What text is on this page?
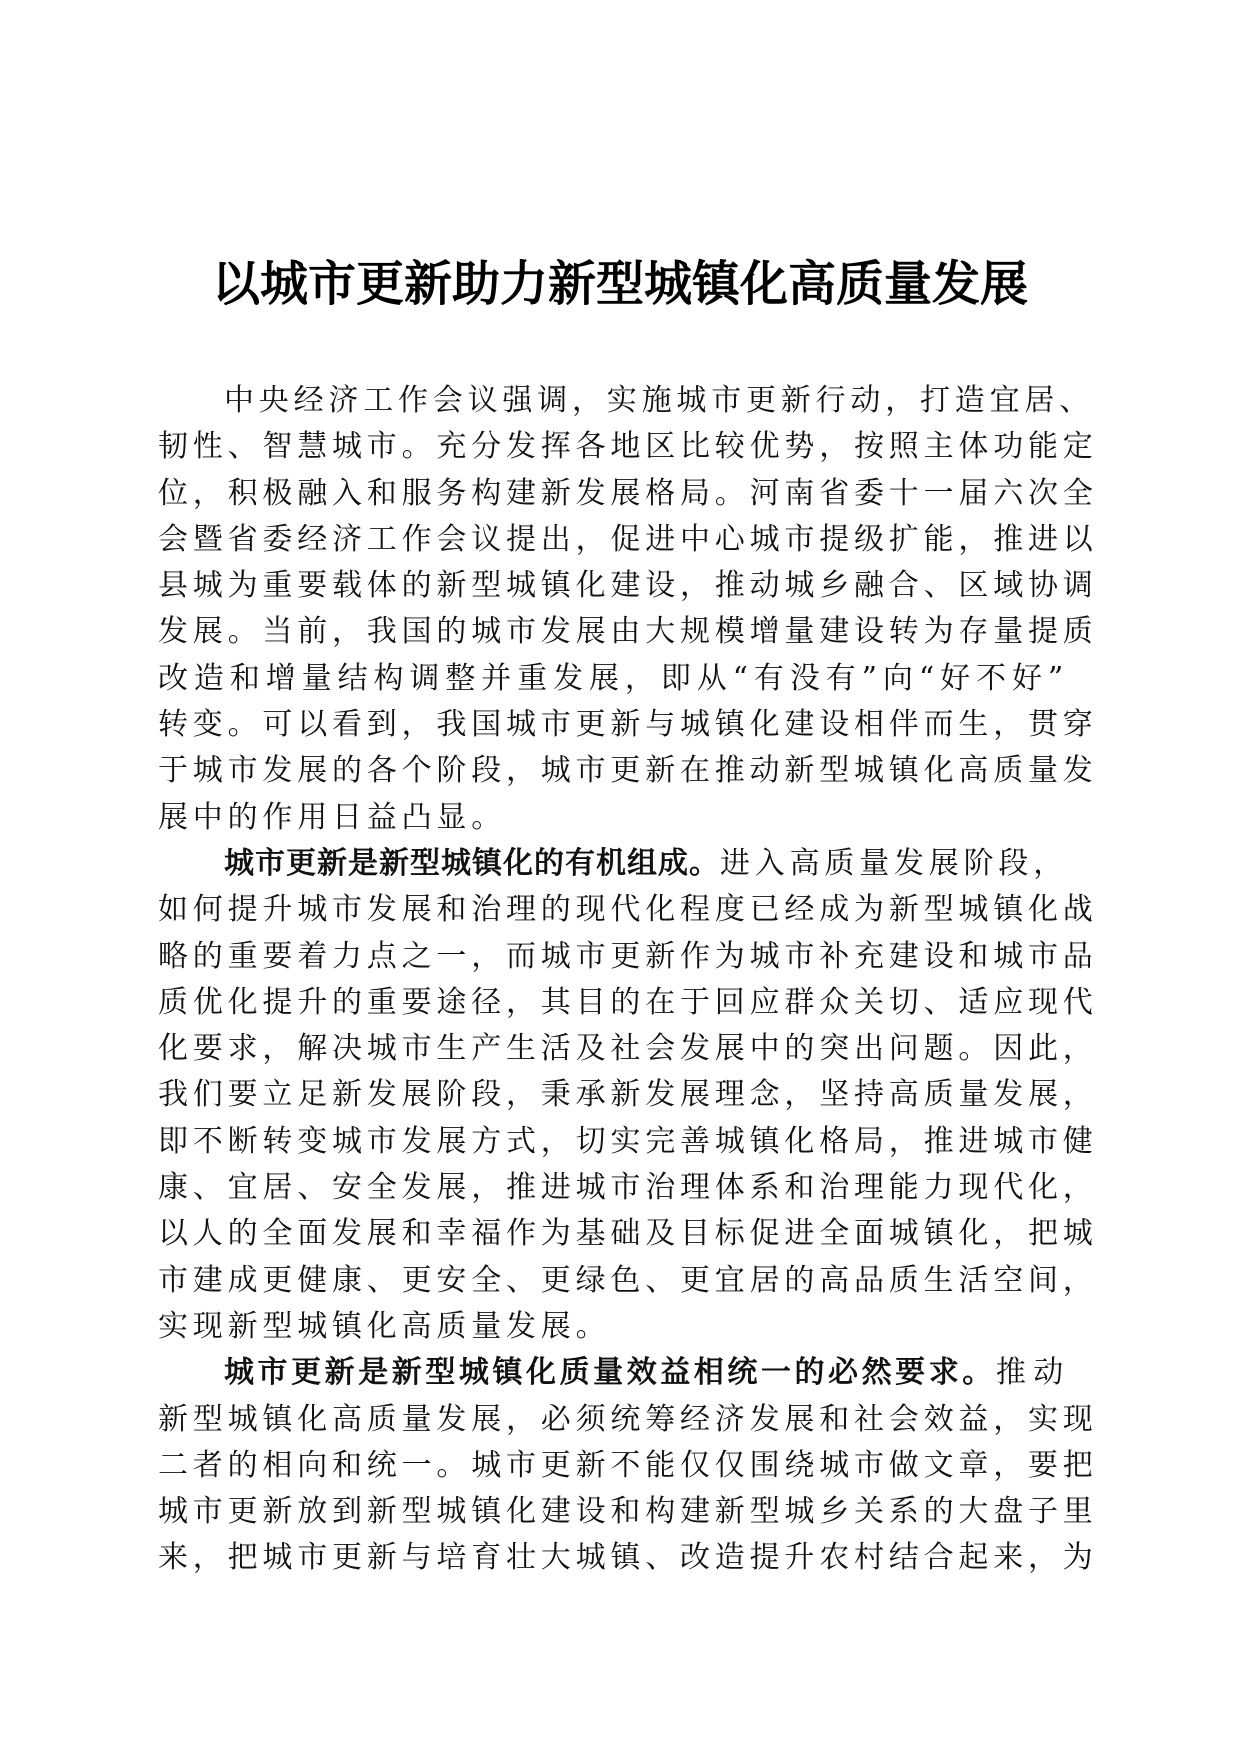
以城市更新助力新型城镇化高质量发展

中央经济工作会议强调，实施城市更新行动，打造宜居、
韧性、智慧城市。充分发挥各地区比较优势，按照主体功能定
位，积极融入和服务构建新发展格局。河南省委十一届六次全
会暨省委经济工作会议提出，促进中心城市提级扩能，推进以
县城为重要载体的新型城镇化建设，推动城乡融合、区域协调
发展。当前，我国的城市发展由大规模增量建设转为存量提质
改造和增量结构调整并重发展，即从“有没有”向“好不好”
转变。可以看到，我国城市更新与城镇化建设相伴而生，贯穿
于城市发展的各个阶段，城市更新在推动新型城镇化高质量发
展中的作用日益凸显。

城市更新是新型城镇化的有机组成。进入高质量发展阶段，
如何提升城市发展和治理的现代化程度已经成为新型城镇化战
略的重要着力点之一，而城市更新作为城市补充建设和城市品
质优化提升的重要途径，其目的在于回应群众关切、适应现代
化要求，解决城市生产生活及社会发展中的突出问题。因此，
我们要立足新发展阶段，秉承新发展理念，坚持高质量发展，
即不断转变城市发展方式，切实完善城镇化格局，推进城市健
康、宜居、安全发展，推进城市治理体系和治理能力现代化，
以人的全面发展和幸福作为基础及目标促进全面城镇化，把城
市建成更健康、更安全、更绿色、更宜居的高品质生活空间，
实现新型城镇化高质量发展。

城市更新是新型城镇化质量效益相统一的必然要求。推动
新型城镇化高质量发展，必须统筹经济发展和社会效益，实现
二者的相向和统一。城市更新不能仅仅围绕城市做文章，要把
城市更新放到新型城镇化建设和构建新型城乡关系的大盘子里
来，把城市更新与培育壮大城镇、改造提升农村结合起来，为
